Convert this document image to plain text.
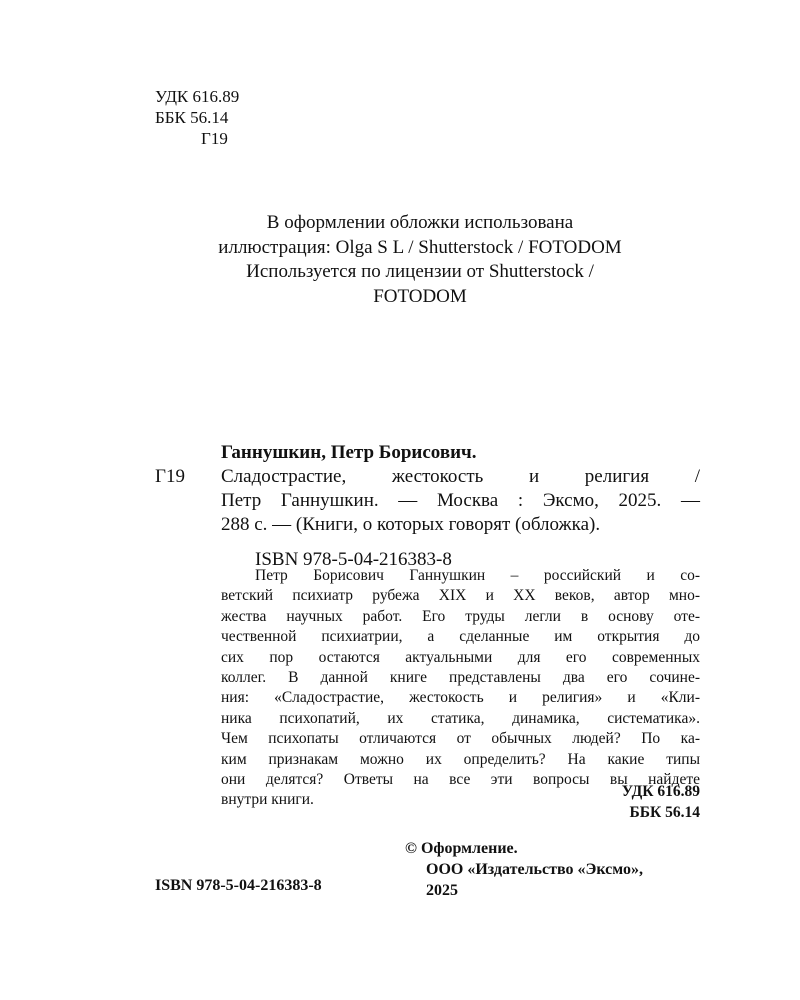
УДК 616.89
ББК 56.14
Г19
В оформлении обложки использована
иллюстрация: Olga S L / Shutterstock / FOTODOM
Используется по лицензии от Shutterstock /
FOTODOM
Ганнушкин, Петр Борисович.
Г19 Сладострастие, жестокость и религия /
Петр Ганнушкин. — Москва : Эксмо, 2025. —
288 с. — (Книги, о которых говорят (обложка).
ISBN 978-5-04-216383-8
Петр Борисович Ганнушкин – российский и со-
ветский психиатр рубежа XIX и XX веков, автор мно-
жества научных работ. Его труды легли в основу оте-
чественной психиатрии, а сделанные им открытия до
сих пор остаются актуальными для его современных
коллег. В данной книге представлены два его сочине-
ния: «Сладострастие, жестокость и религия» и «Кли-
ника психопатий, их статика, динамика, систематика».
Чем психопаты отличаются от обычных людей? По ка-
ким признакам можно их определить? На какие типы
они делятся? Ответы на все эти вопросы вы найдете
внутри книги.	УДК 616.89
ББК 56.14
© Оформление.
ООО «Издательство «Эксмо»,
2025
ISBN 978-5-04-216383-8
